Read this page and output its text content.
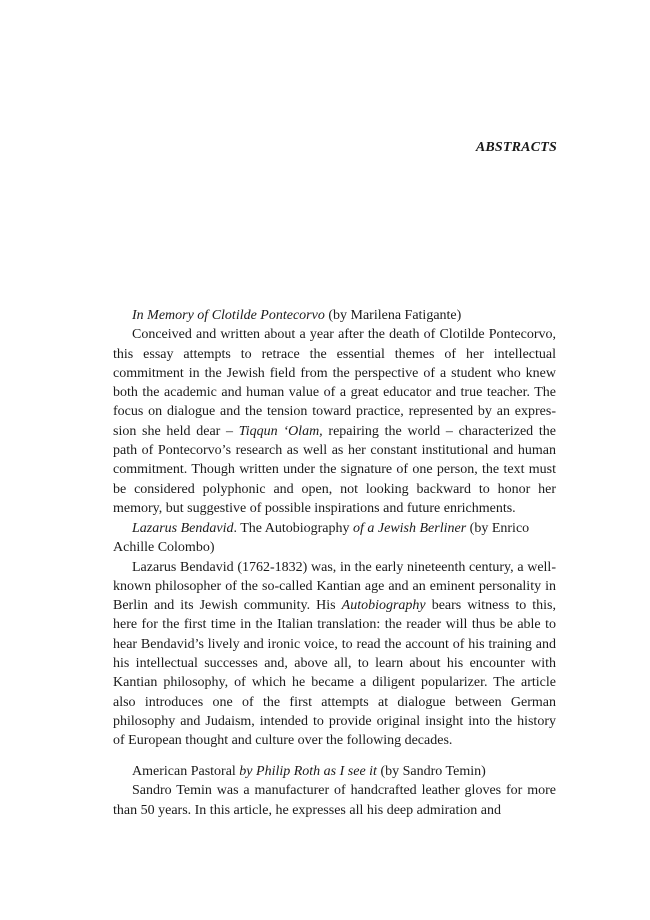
ABSTRACTS

In Memory of Clotilde Pontecorvo (by Marilena Fatigante)

Conceived and written about a year after the death of Clotilde Pontecorvo, this essay attempts to retrace the essential themes of her intellectual commitment in the Jewish field from the perspective of a student who knew both the academic and human value of a great educator and true teacher. The focus on dialogue and the tension toward practice, represented by an expression she held dear – Tiqqun ‘Olam, repairing the world – characterized the path of Pontecorvo’s research as well as her constant institutional and human commitment. Though written under the signature of one person, the text must be considered polyphonic and open, not looking backward to honor her memory, but suggestive of possible inspirations and future enrichments.

Lazarus Bendavid. The Autobiography of a Jewish Berliner (by Enrico Achille Colombo)

Lazarus Bendavid (1762-1832) was, in the early nineteenth century, a well-known philosopher of the so-called Kantian age and an eminent personality in Berlin and its Jewish community. His Autobiography bears witness to this, here for the first time in the Italian translation: the reader will thus be able to hear Bendavid’s lively and ironic voice, to read the account of his training and his intellectual successes and, above all, to learn about his encounter with Kantian philosophy, of which he became a diligent popularizer. The article also introduces one of the first attempts at dialogue between German philosophy and Judaism, intended to provide original insight into the history of European thought and culture over the following decades.

American Pastoral by Philip Roth as I see it (by Sandro Temin)

Sandro Temin was a manufacturer of handcrafted leather gloves for more than 50 years. In this article, he expresses all his deep admiration and
